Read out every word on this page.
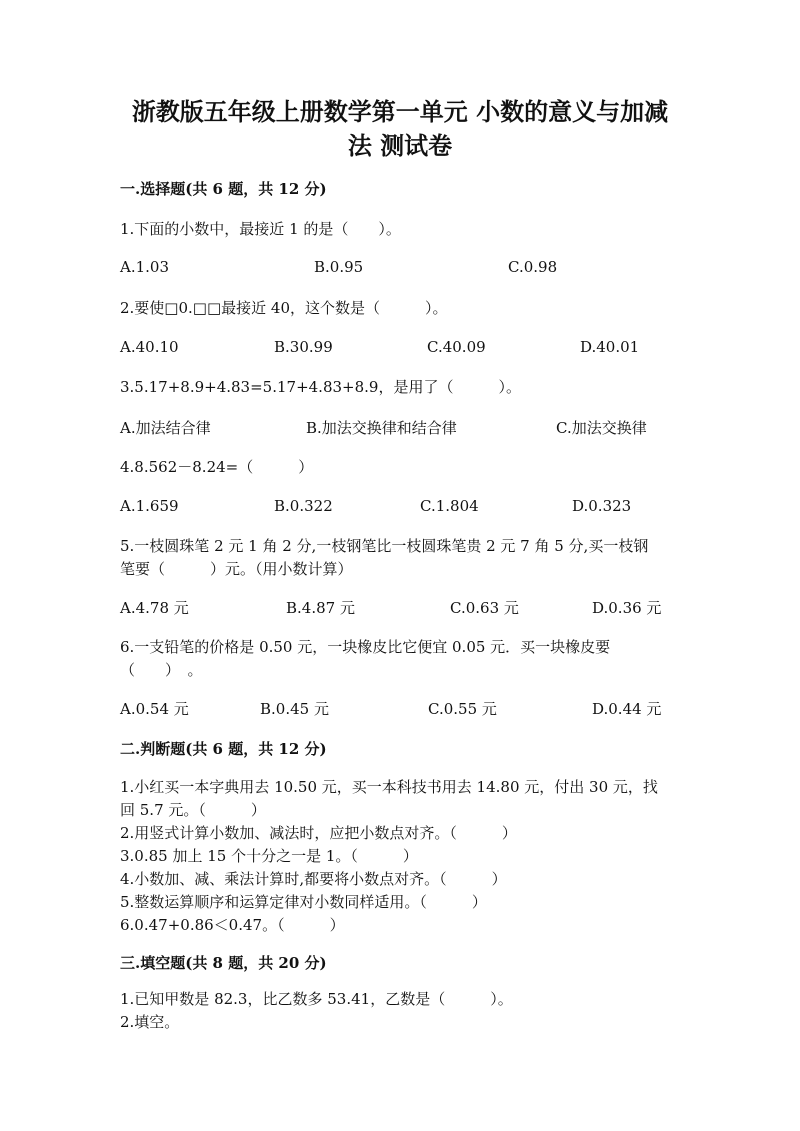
浙教版五年级上册数学第一单元 小数的意义与加减
法 测试卷
一.选择题(共 6 题，共 12 分)
1.下面的小数中，最接近 1 的是（　　）。
A.1.03	B.0.95	C.0.98
2.要使□0.□□最接近 40，这个数是（　　　）。
A.40.10	B.30.99	C.40.09	D.40.01
3.5.17+8.9+4.83=5.17+4.83+8.9，是用了（　　　）。
A.加法结合律	B.加法交换律和结合律	C.加法交换律
4.8.562－8.24=（　　　）
A.1.659	B.0.322	C.1.804	D.0.323
5.一枝圆珠笔 2 元 1 角 2 分,一枝钢笔比一枝圆珠笔贵 2 元 7 角 5 分,买一枝钢
笔要（　　　）元。（用小数计算）
A.4.78 元	B.4.87 元	C.0.63 元	D.0.36 元
6.一支铅笔的价格是 0.50 元，一块橡皮比它便宜 0.05 元．买一块橡皮要
（　　）　。
A.0.54 元	B.0.45 元	C.0.55 元	D.0.44 元
二.判断题(共 6 题，共 12 分)
1.小红买一本字典用去 10.50 元，买一本科技书用去 14.80 元，付出 30 元，找
回 5.7 元。（　　　）
2.用竖式计算小数加、减法时，应把小数点对齐。（　　　）
3.0.85 加上 15 个十分之一是 1。（　　　）
4.小数加、减、乘法计算时,都要将小数点对齐。（　　　）
5.整数运算顺序和运算定律对小数同样适用。（　　　）
6.0.47+0.86＜0.47。（　　　）
三.填空题(共 8 题，共 20 分)
1.已知甲数是 82.3，比乙数多 53.41，乙数是（　　　）。
2.填空。
